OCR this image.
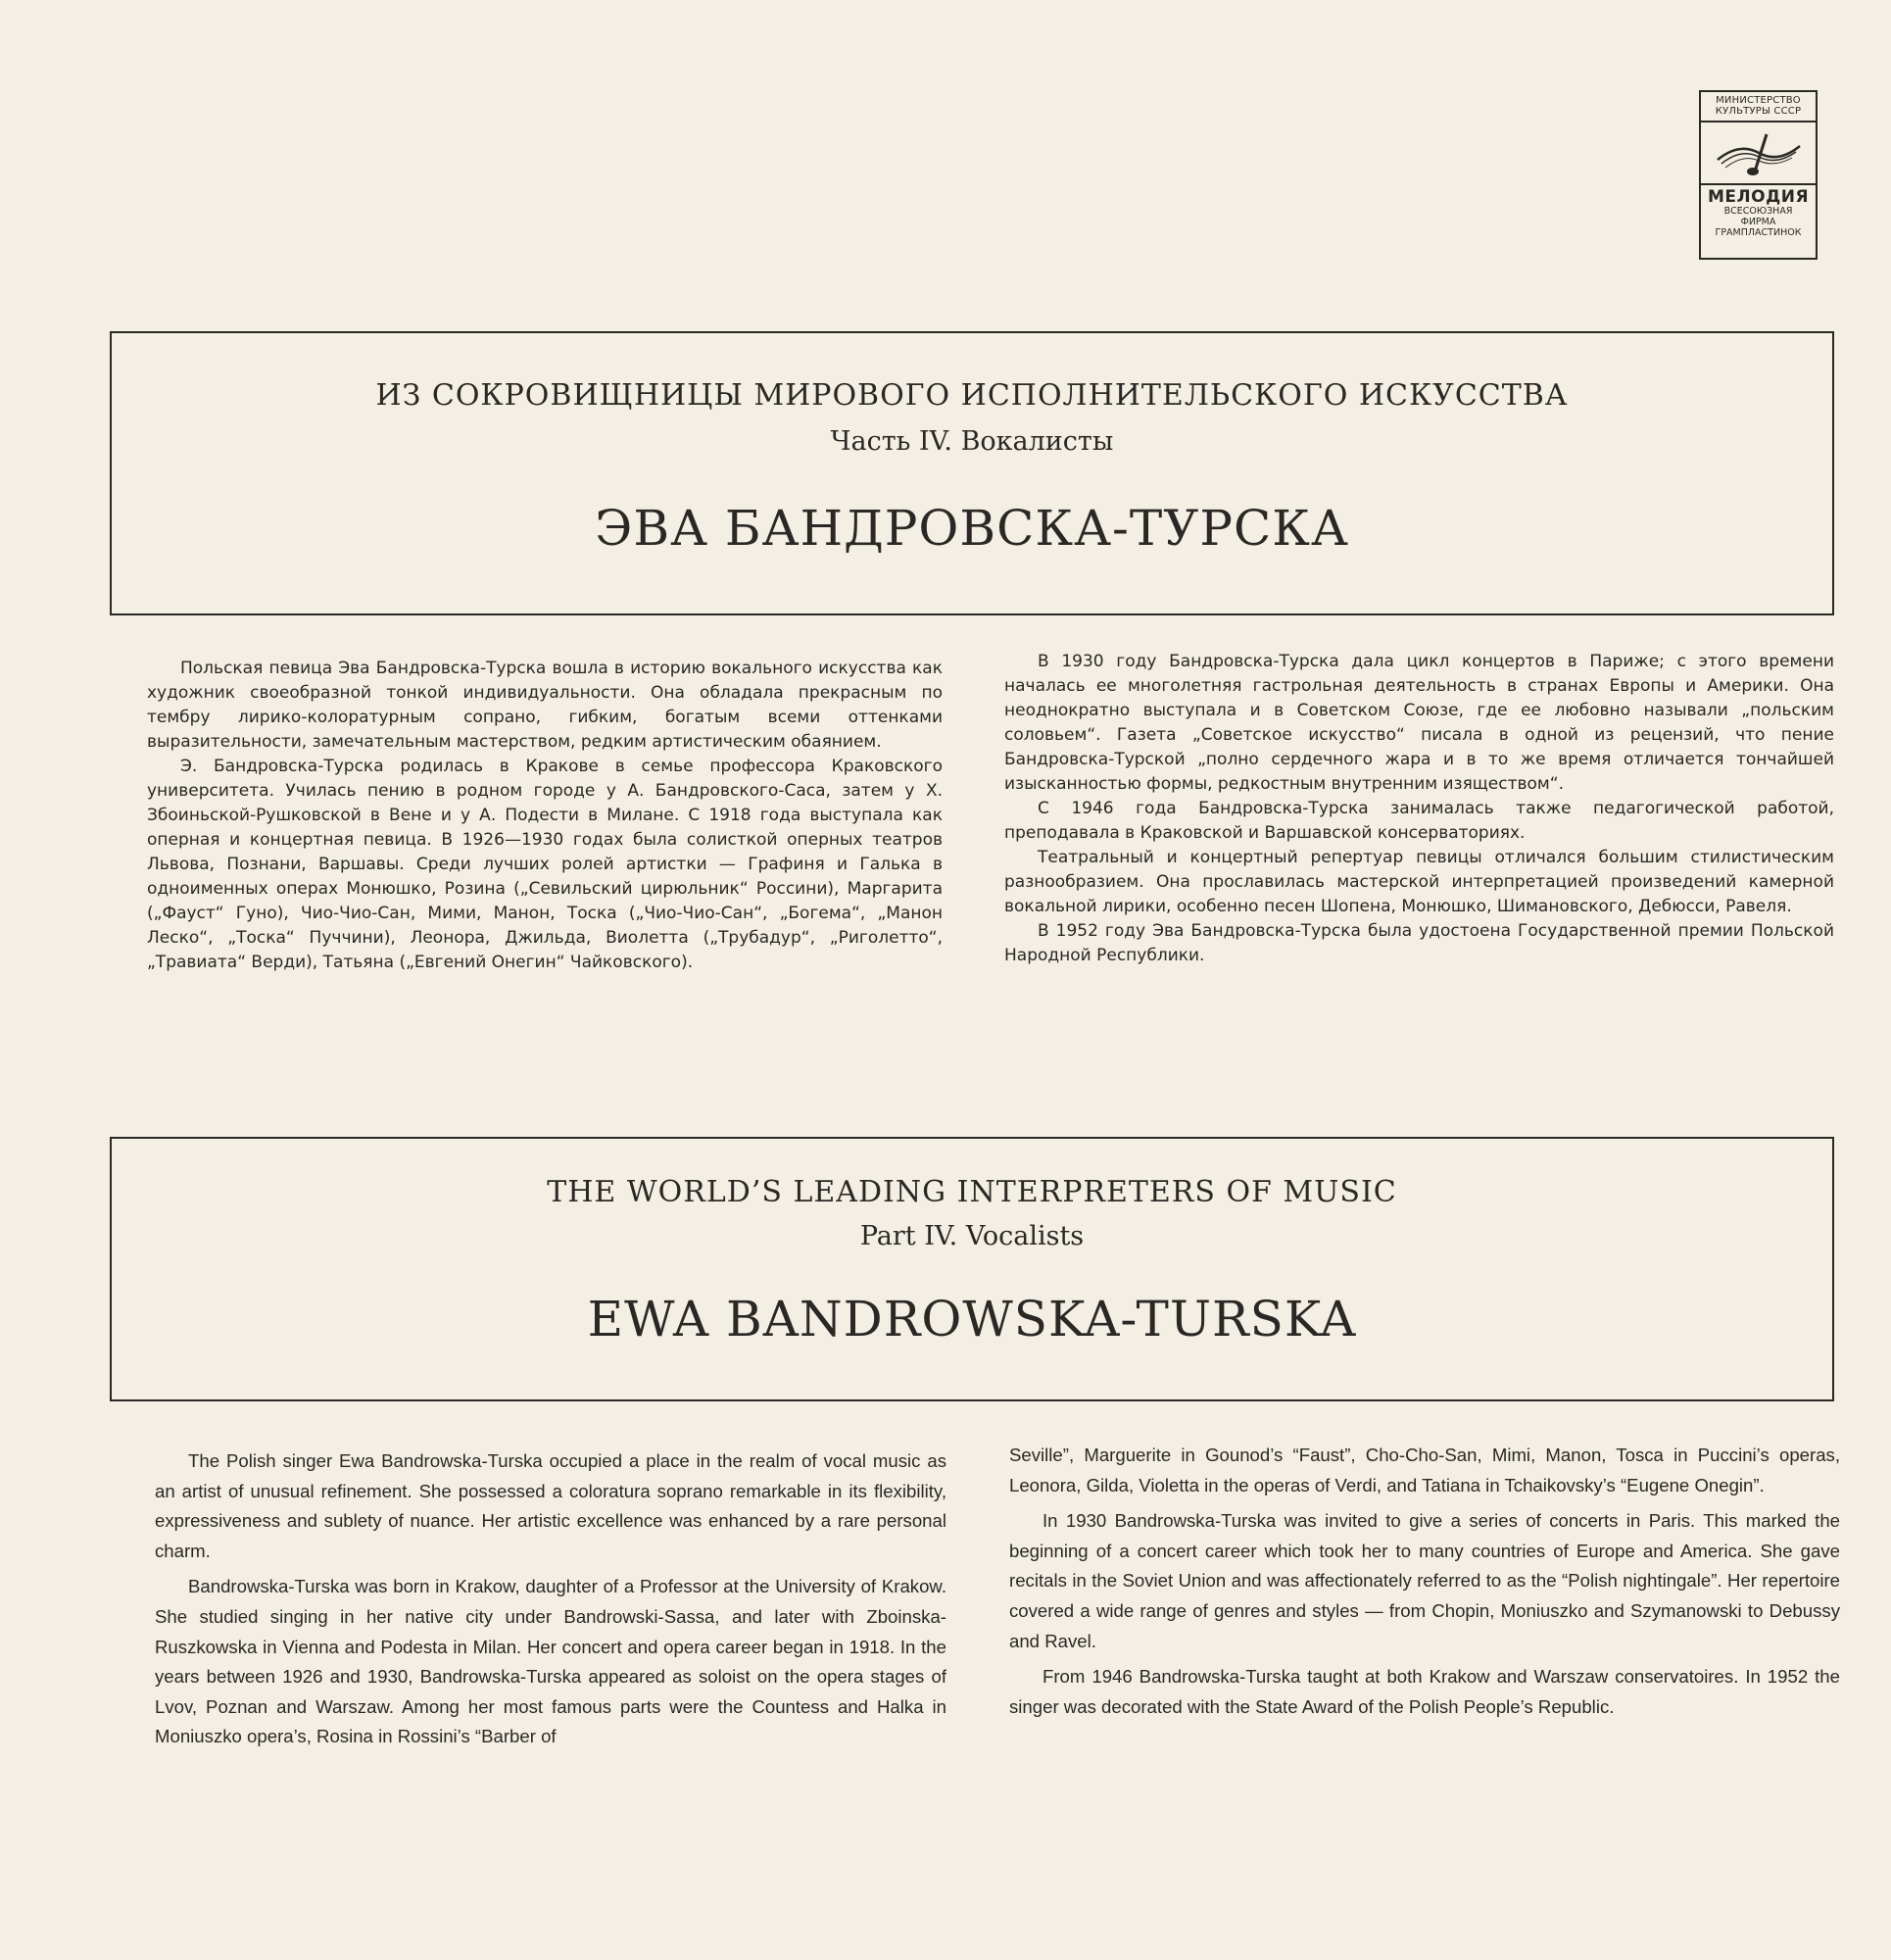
МИНИСТЕРСТВО КУЛЬТУРЫ СССР
МЕЛОДИЯ
ВСЕСОЮЗНАЯ
ФИРМА
ГРАМПЛАСТИНОК
ИЗ СОКРОВИЩНИЦЫ МИРОВОГО ИСПОЛНИТЕЛЬСКОГО ИСКУССТВА
Часть IV. Вокалисты
ЭВА БАНДРОВСКА-ТУРСКА

Польская певица Эва Бандровска-Турска вошла в историю вокального искусства как художник своеобразной тонкой индивидуальности. Она обладала прекрасным по тембру лирико-колоратурным сопрано, гибким, богатым всеми оттенками выразительности, замечательным мастерством, редким артистическим обаянием.

Э. Бандровска-Турска родилась в Кракове в семье профессора Краковского университета. Училась пению в родном городе у А. Бандровского-Саса, затем у Х. Збоиньской-Рушковской в Вене и у А. Подести в Милане. С 1918 года выступала как оперная и концертная певица. В 1926—1930 годах была солисткой оперных театров Львова, Познани, Варшавы. Среди лучших ролей артистки — Графиня и Галька в одноименных операх Монюшко, Розина („Севильский цирюльник“ Россини), Маргарита („Фауст“ Гуно), Чио-Чио-Сан, Мими, Манон, Тоска („Чио-Чио-Сан“, „Богема“, „Манон Леско“, „Тоска“ Пуччини), Леонора, Джильда, Виолетта („Трубадур“, „Риголетто“, „Травиата“ Верди), Татьяна („Евгений Онегин“ Чайковского).

В 1930 году Бандровска-Турска дала цикл концертов в Париже; с этого времени началась ее многолетняя гастрольная деятельность в странах Европы и Америки. Она неоднократно выступала и в Советском Союзе, где ее любовно называли „польским соловьем“. Газета „Советское искусство“ писала в одной из рецензий, что пение Бандровска-Турской „полно сердечного жара и в то же время отличается тончайшей изысканностью формы, редкостным внутренним изяществом“.

С 1946 года Бандровска-Турска занималась также педагогической работой, преподавала в Краковской и Варшавской консерваториях.

Театральный и концертный репертуар певицы отличался большим стилистическим разнообразием. Она прославилась мастерской интерпретацией произведений камерной вокальной лирики, особенно песен Шопена, Монюшко, Шимановского, Дебюсси, Равеля.

В 1952 году Эва Бандровска-Турска была удостоена Государственной премии Польской Народной Республики.

THE WORLD’S LEADING INTERPRETERS OF MUSIC
Part IV. Vocalists
EWA BANDROWSKA-TURSKA

The Polish singer Ewa Bandrowska-Turska occupied a place in the realm of vocal music as an artist of unusual refinement. She possessed a coloratura soprano remarkable in its flexibility, expressiveness and sublety of nuance. Her artistic excellence was enhanced by a rare personal charm.

Bandrowska-Turska was born in Krakow, daughter of a Professor at the University of Krakow. She studied singing in her native city under Bandrowski-Sassa, and later with Zboinska-Ruszkowska in Vienna and Podesta in Milan. Her concert and opera career began in 1918. In the years between 1926 and 1930, Bandrowska-Turska appeared as soloist on the opera stages of Lvov, Poznan and Warszaw. Among her most famous parts were the Countess and Halka in Moniuszko opera’s, Rosina in Rossini’s “Barber of

Seville”, Marguerite in Gounod’s “Faust”, Cho-Cho-San, Mimi, Manon, Tosca in Puccini’s operas, Leonora, Gilda, Violetta in the operas of Verdi, and Tatiana in Tchaikovsky’s “Eugene Onegin”.

In 1930 Bandrowska-Turska was invited to give a series of concerts in Paris. This marked the beginning of a concert career which took her to many countries of Europe and America. She gave recitals in the Soviet Union and was affectionately referred to as the “Polish nightingale”. Her repertoire covered a wide range of genres and styles — from Chopin, Moniuszko and Szymanowski to Debussy and Ravel.

From 1946 Bandrowska-Turska taught at both Krakow and Warszaw conservatoires. In 1952 the singer was decorated with the State Award of the Polish People’s Republic.
